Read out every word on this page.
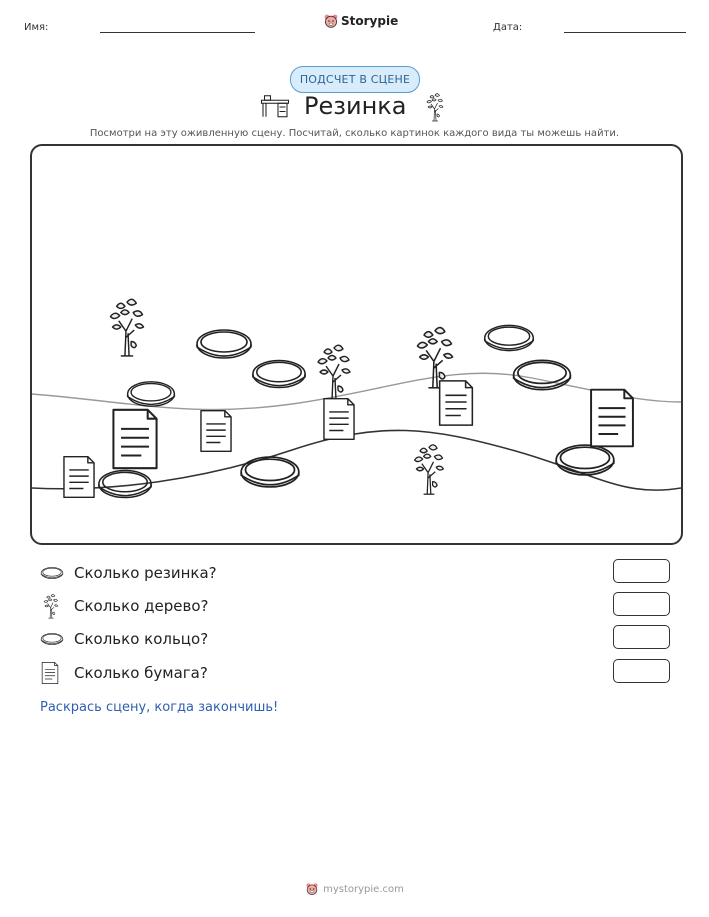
Имя:	Storypie	Дата:
ПОДСЧЕТ В СЦЕНЕ
Резинка
Посмотри на эту оживленную сцену. Посчитай, сколько картинок каждого вида ты можешь найти.
Сколько резинка?
Сколько дерево?
Сколько кольцо?
Сколько бумага?
Раскрась сцену, когда закончишь!
mystorypie.com
